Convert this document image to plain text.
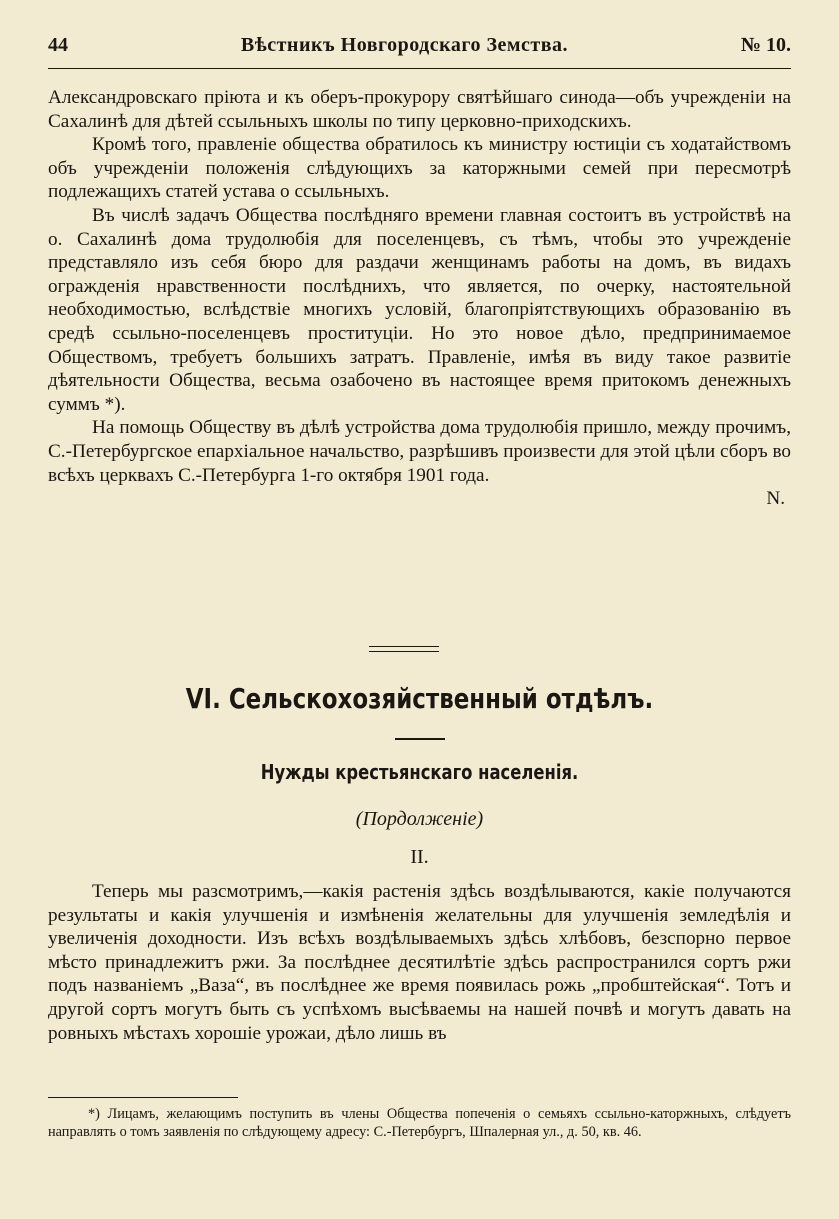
44	Вѣстникъ Новгородскаго Земства.	№ 10.

Александровскаго пріюта и къ оберъ-прокурору святѣйшаго синода—объ учрежденіи на Сахалинѣ для дѣтей ссыльныхъ школы по типу церковно-приходскихъ.

Кромѣ того, правленіе общества обратилось къ министру юстиціи съ ходатайствомъ объ учрежденіи положенія слѣдующихъ за каторжными семей при пересмотрѣ подлежащихъ статей устава о ссыльныхъ.

Въ числѣ задачъ Общества послѣдняго времени главная состоитъ въ устройствѣ на о. Сахалинѣ дома трудолюбія для поселенцевъ, съ тѣмъ, чтобы это учрежденіе представляло изъ себя бюро для раздачи женщинамъ работы на домъ, въ видахъ огражденія нравственности послѣднихъ, что является, по очерку, настоятельной необходимостью, вслѣдствіе многихъ условій, благопріятствующихъ образованію въ средѣ ссыльно-поселенцевъ проституціи. Но это новое дѣло, предпринимаемое Обществомъ, требуетъ большихъ затратъ. Правленіе, имѣя въ виду такое развитіе дѣятельности Общества, весьма озабочено въ настоящее время притокомъ денежныхъ суммъ *).

На помощь Обществу въ дѣлѣ устройства дома трудолюбія пришло, между прочимъ, С.-Петербургское епархіальное начальство, разрѣшивъ произвести для этой цѣли сборъ во всѣхъ церквахъ С.-Петербурга 1-го октября 1901 года.

N.

VI. Сельскохозяйственный отдѣлъ.
Нужды крестьянскаго населенія.
(Пордолженіе)
II.

Теперь мы разсмотримъ,—какія растенія здѣсь воздѣлываются, какіе получаются результаты и какія улучшенія и измѣненія желательны для улучшенія земледѣлія и увеличенія доходности. Изъ всѣхъ воздѣлываемыхъ здѣсь хлѣбовъ, безспорно первое мѣсто принадлежитъ ржи. За послѣднее десятилѣтіе здѣсь распространился сортъ ржи подъ названіемъ „Ваза“, въ послѣднее же время появилась рожь „пробштейская“. Тотъ и другой сортъ могутъ быть съ успѣхомъ высѣваемы на нашей почвѣ и могутъ давать на ровныхъ мѣстахъ хорошіе урожаи, дѣло лишь въ

*) Лицамъ, желающимъ поступить въ члены Общества попеченія о семьяхъ ссыльно-каторжныхъ, слѣдуетъ направлять о томъ заявленія по слѣдующему адресу: С.-Петербургъ, Шпалерная ул., д. 50, кв. 46.
